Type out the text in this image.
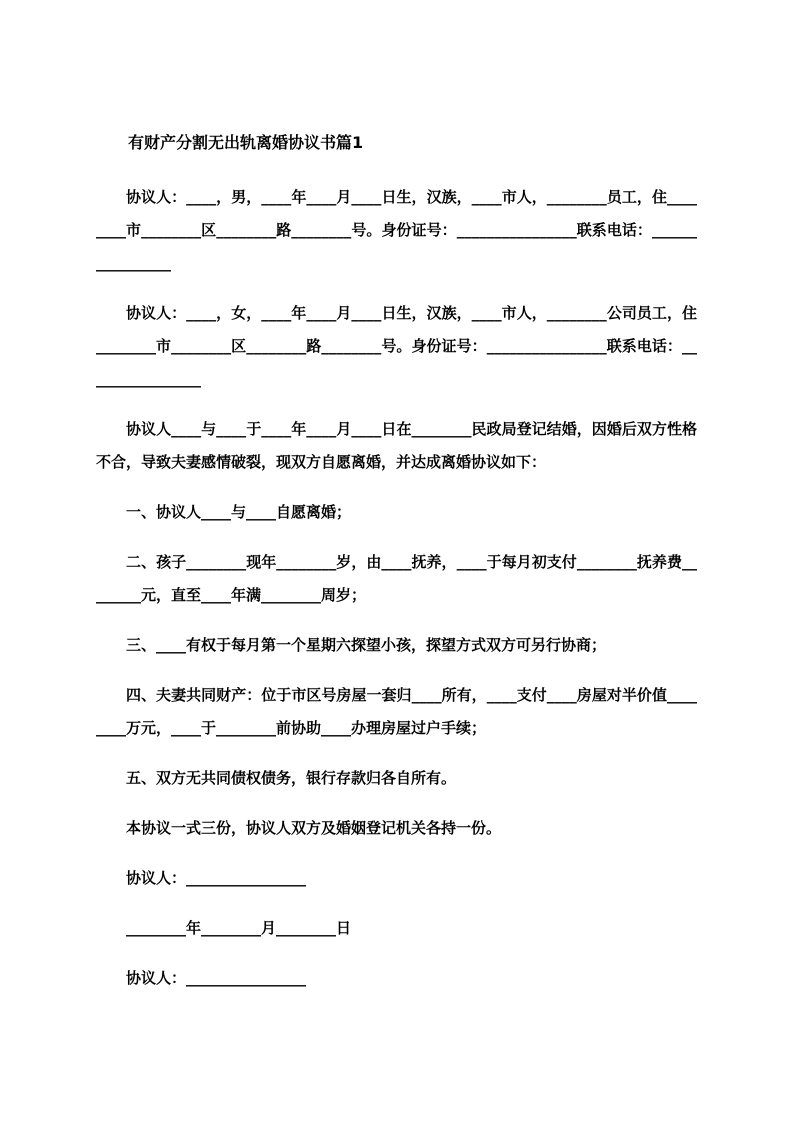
有财产分割无出轨离婚协议书篇1

协议人：____，男，____年____月____日生，汉族，____市人，________员工，住________市________区________路________号。身份证号：________________联系电话：________________

协议人：____，女，____年____月____日生，汉族，____市人，________公司员工，住________市________区________路________号。身份证号：________________联系电话：________________

协议人____与____于____年____月____日在________民政局登记结婚，因婚后双方性格不合，导致夫妻感情破裂，现双方自愿离婚，并达成离婚协议如下：

一、协议人____与____自愿离婚；

二、孩子________现年________岁，由____抚养，____于每月初支付________抚养费________元，直至____年满________周岁；

三、____有权于每月第一个星期六探望小孩，探望方式双方可另行协商；

四、夫妻共同财产：位于市区号房屋一套归____所有，____支付____房屋对半价值________万元，____于________前协助____办理房屋过户手续；

五、双方无共同债权债务，银行存款归各自所有。

本协议一式三份，协议人双方及婚姻登记机关各持一份。

协议人：________________

________年________月________日

协议人：________________
